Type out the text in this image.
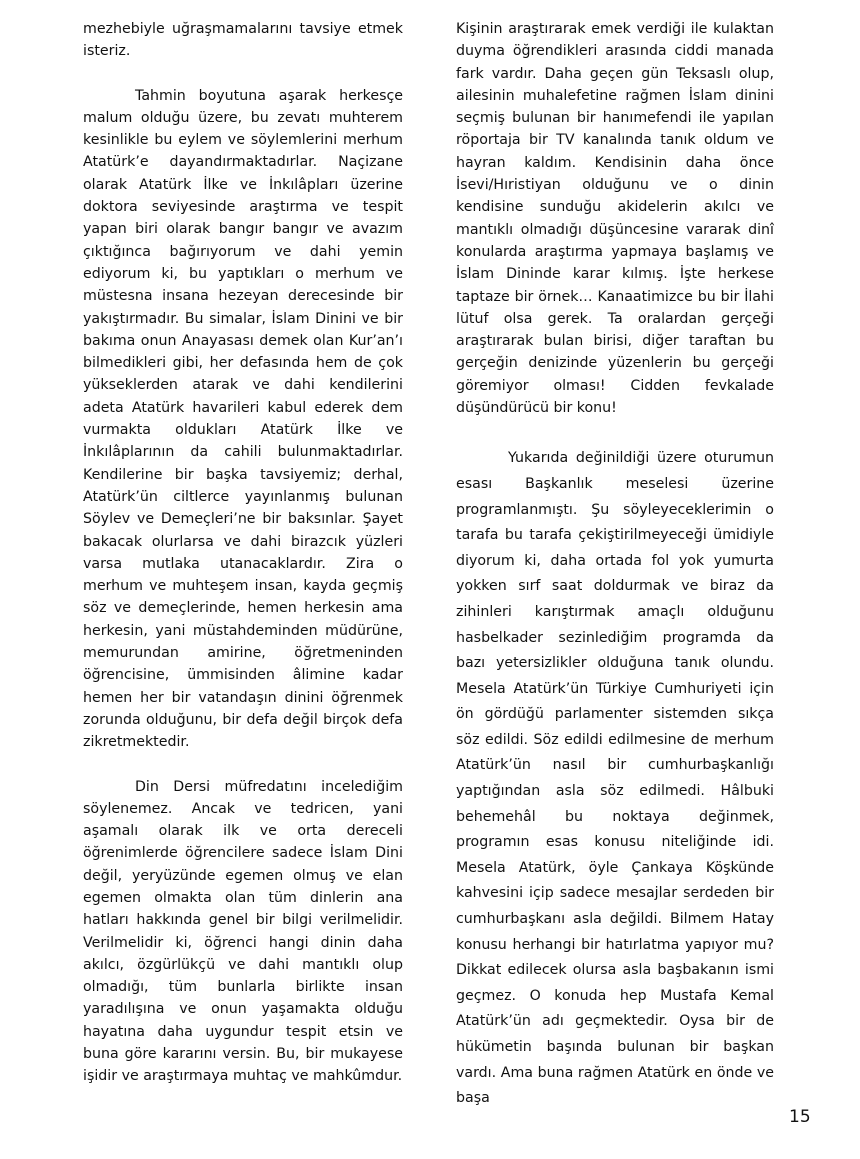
mezhebiyle uğraşmamalarını tavsiye etmek isteriz.

Tahmin boyutuna aşarak herkesçe malum olduğu üzere, bu zevatı muhterem kesinlikle bu eylem ve söylemlerini merhum Atatürk’e dayandırmaktadırlar. Naçizane olarak Atatürk İlke ve İnkılâpları üzerine doktora seviyesinde araştırma ve tespit yapan biri olarak bangır bangır ve avazım çıktığınca bağırıyorum ve dahi yemin ediyorum ki, bu yaptıkları o merhum ve müstesna insana hezeyan derecesinde bir yakıştırmadır. Bu simalar, İslam Dinini ve bir bakıma onun Anayasası demek olan Kur’an’ı bilmedikleri gibi, her defasında hem de çok yükseklerden atarak ve dahi kendilerini adeta Atatürk havarileri kabul ederek dem vurmakta oldukları Atatürk İlke ve İnkılâplarının da cahili bulunmaktadırlar. Kendilerine bir başka tavsiyemiz; derhal, Atatürk’ün ciltlerce yayınlanmış bulunan Söylev ve Demeçleri’ne bir baksınlar. Şayet bakacak olurlarsa ve dahi birazcık yüzleri varsa mutlaka utanacaklardır. Zira o merhum ve muhteşem insan, kayda geçmiş söz ve demeçlerinde, hemen herkesin ama herkesin, yani müstahdeminden müdürüne, memurundan amirine, öğretmeninden öğrencisine, ümmisinden âlimine kadar hemen her bir vatandaşın dinini öğrenmek zorunda olduğunu, bir defa değil birçok defa zikretmektedir.

Din Dersi müfredatını incelediğim söylenemez. Ancak ve tedricen, yani aşamalı olarak ilk ve orta dereceli öğrenimlerde öğrencilere sadece İslam Dini değil, yeryüzünde egemen olmuş ve elan egemen olmakta olan tüm dinlerin ana hatları hakkında genel bir bilgi verilmelidir. Verilmelidir ki, öğrenci hangi dinin daha akılcı, özgürlükçü ve dahi mantıklı olup olmadığı, tüm bunlarla birlikte insan yaradılışına ve onun yaşamakta olduğu hayatına daha uygundur tespit etsin ve buna göre kararını versin. Bu, bir mukayese işidir ve araştırmaya muhtaç ve mahkûmdur.

Kişinin araştırarak emek verdiği ile kulaktan duyma öğrendikleri arasında ciddi manada fark vardır. Daha geçen gün Teksaslı olup, ailesinin muhalefetine rağmen İslam dinini seçmiş bulunan bir hanımefendi ile yapılan röportaja bir TV kanalında tanık oldum ve hayran kaldım. Kendisinin daha önce İsevi/Hıristiyan olduğunu ve o dinin kendisine sunduğu akidelerin akılcı ve mantıklı olmadığı düşüncesine vararak dinî konularda araştırma yapmaya başlamış ve İslam Dininde karar kılmış. İşte herkese taptaze bir örnek… Kanaatimizce bu bir İlahi lütuf olsa gerek. Ta oralardan gerçeği araştırarak bulan birisi, diğer taraftan bu gerçeğin denizinde yüzenlerin bu gerçeği göremiyor olması! Cidden fevkalade düşündürücü bir konu!

Yukarıda değinildiği üzere oturumun esası Başkanlık meselesi üzerine programlanmıştı. Şu söyleyeceklerimin o tarafa bu tarafa çekiştirilmeyeceği ümidiyle diyorum ki, daha ortada fol yok yumurta yokken sırf saat doldurmak ve biraz da zihinleri karıştırmak amaçlı olduğunu hasbelkader sezinlediğim programda da bazı yetersizlikler olduğuna tanık olundu. Mesela Atatürk’ün Türkiye Cumhuriyeti için ön gördüğü parlamenter sistemden sıkça söz edildi. Söz edildi edilmesine de merhum Atatürk’ün nasıl bir cumhurbaşkanlığı yaptığından asla söz edilmedi. Hâlbuki behemehâl bu noktaya değinmek, programın esas konusu niteliğinde idi. Mesela Atatürk, öyle Çankaya Köşkünde kahvesini içip sadece mesajlar serdeden bir cumhurbaşkanı asla değildi. Bilmem Hatay konusu herhangi bir hatırlatma yapıyor mu? Dikkat edilecek olursa asla başbakanın ismi geçmez. O konuda hep Mustafa Kemal Atatürk’ün adı geçmektedir. Oysa bir de hükümetin başında bulunan bir başkan vardı. Ama buna rağmen Atatürk en önde ve başa

15
